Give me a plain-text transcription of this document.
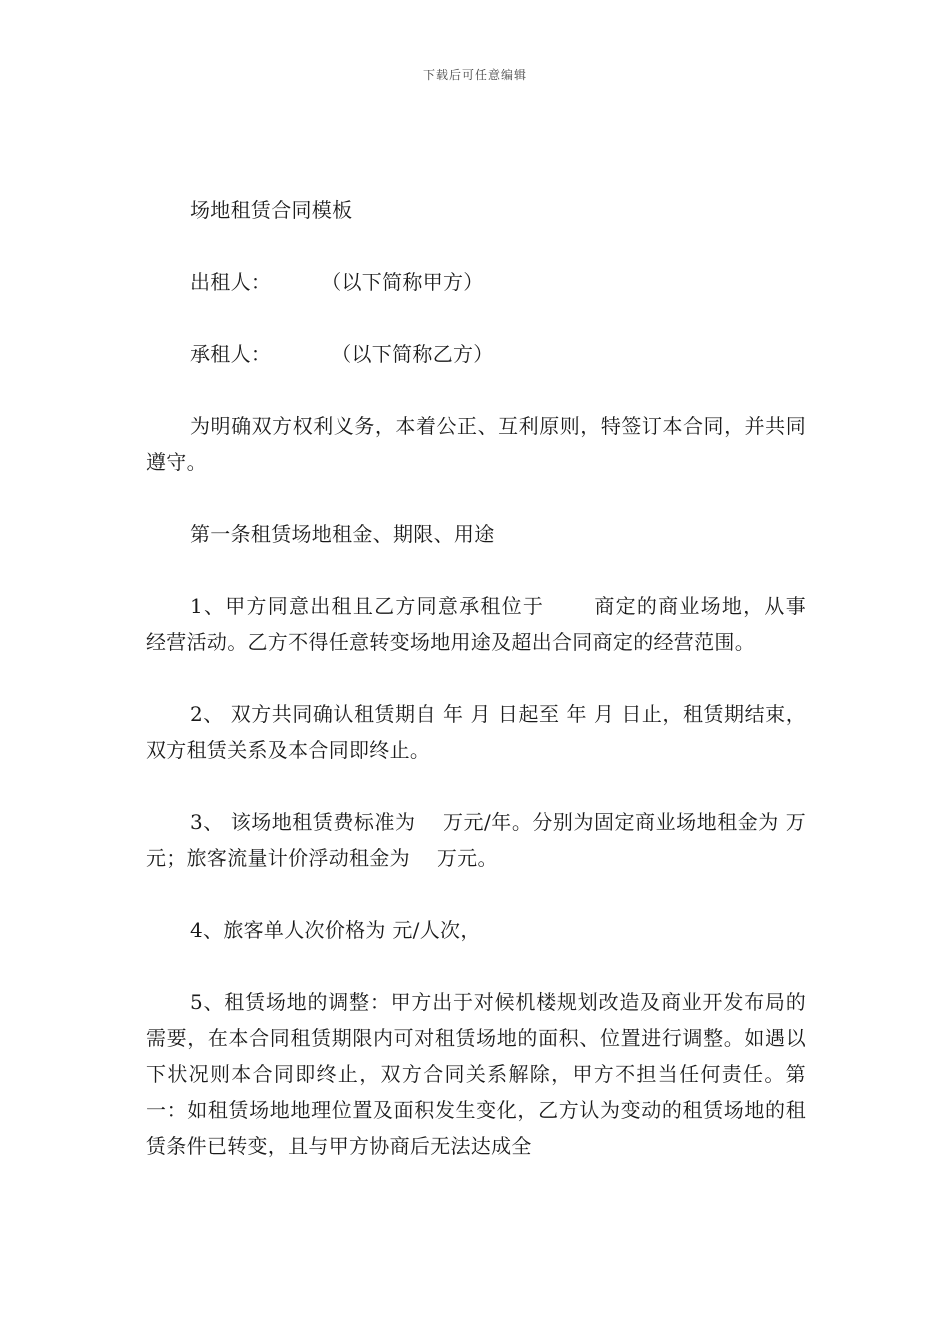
下载后可任意编辑

场地租赁合同模板

出租人：	（以下简称甲方）

承租人：	（以下简称乙方）

为明确双方权利义务，本着公正、互利原则，特签订本合同，并共同遵守。

第一条租赁场地租金、期限、用途

1、甲方同意出租且乙方同意承租位于　 　商定的商业场地，从事　 经营活动。乙方不得任意转变场地用途及超出合同商定的经营范围。

2、 双方共同确认租赁期自 年 月 日起至 年 月 日止，租赁期结束，双方租赁关系及本合同即终止。

3、 该场地租赁费标准为　 万元/年。分别为固定商业场地租金为 万元；旅客流量计价浮动租金为　 万元。

4、旅客单人次价格为 元/人次，

5、租赁场地的调整：甲方出于对候机楼规划改造及商业开发布局的需要，在本合同租赁期限内可对租赁场地的面积、位置进行调整。如遇以下状况则本合同即终止，双方合同关系解除，甲方不担当任何责任。第一：如租赁场地地理位置及面积发生变化，乙方认为变动的租赁场地的租赁条件已转变，且与甲方协商后无法达成全
